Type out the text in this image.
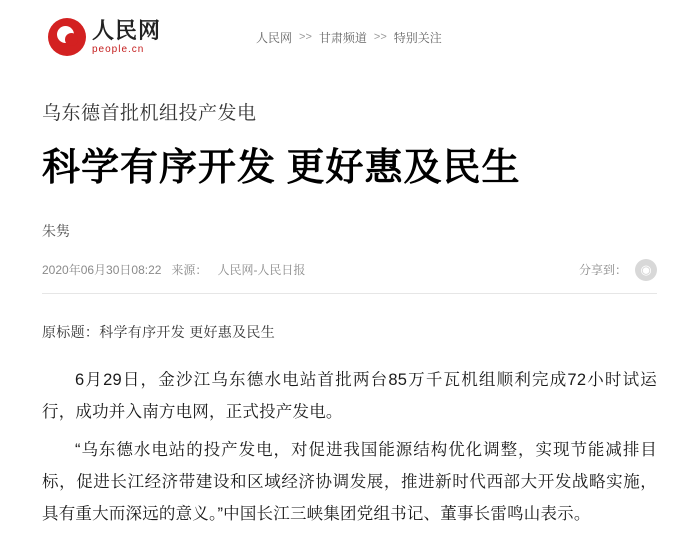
人民网
people.cn
人民网 >> 甘肃频道 >> 特别关注
乌东德首批机组投产发电
科学有序开发 更好惠及民生
朱隽
2020年06月30日08:22 来源： 人民网-人民日报	分享到：	◉
原标题：科学有序开发 更好惠及民生

6月29日，金沙江乌东德水电站首批两台85万千瓦机组顺利完成72小时试运行，成功并入南方电网，正式投产发电。

“乌东德水电站的投产发电，对促进我国能源结构优化调整，实现节能减排目标，促进长江经济带建设和区域经济协调发展，推进新时代西部大开发战略实施，具有重大而深远的意义。”中国长江三峡集团党组书记、董事长雷鸣山表示。
